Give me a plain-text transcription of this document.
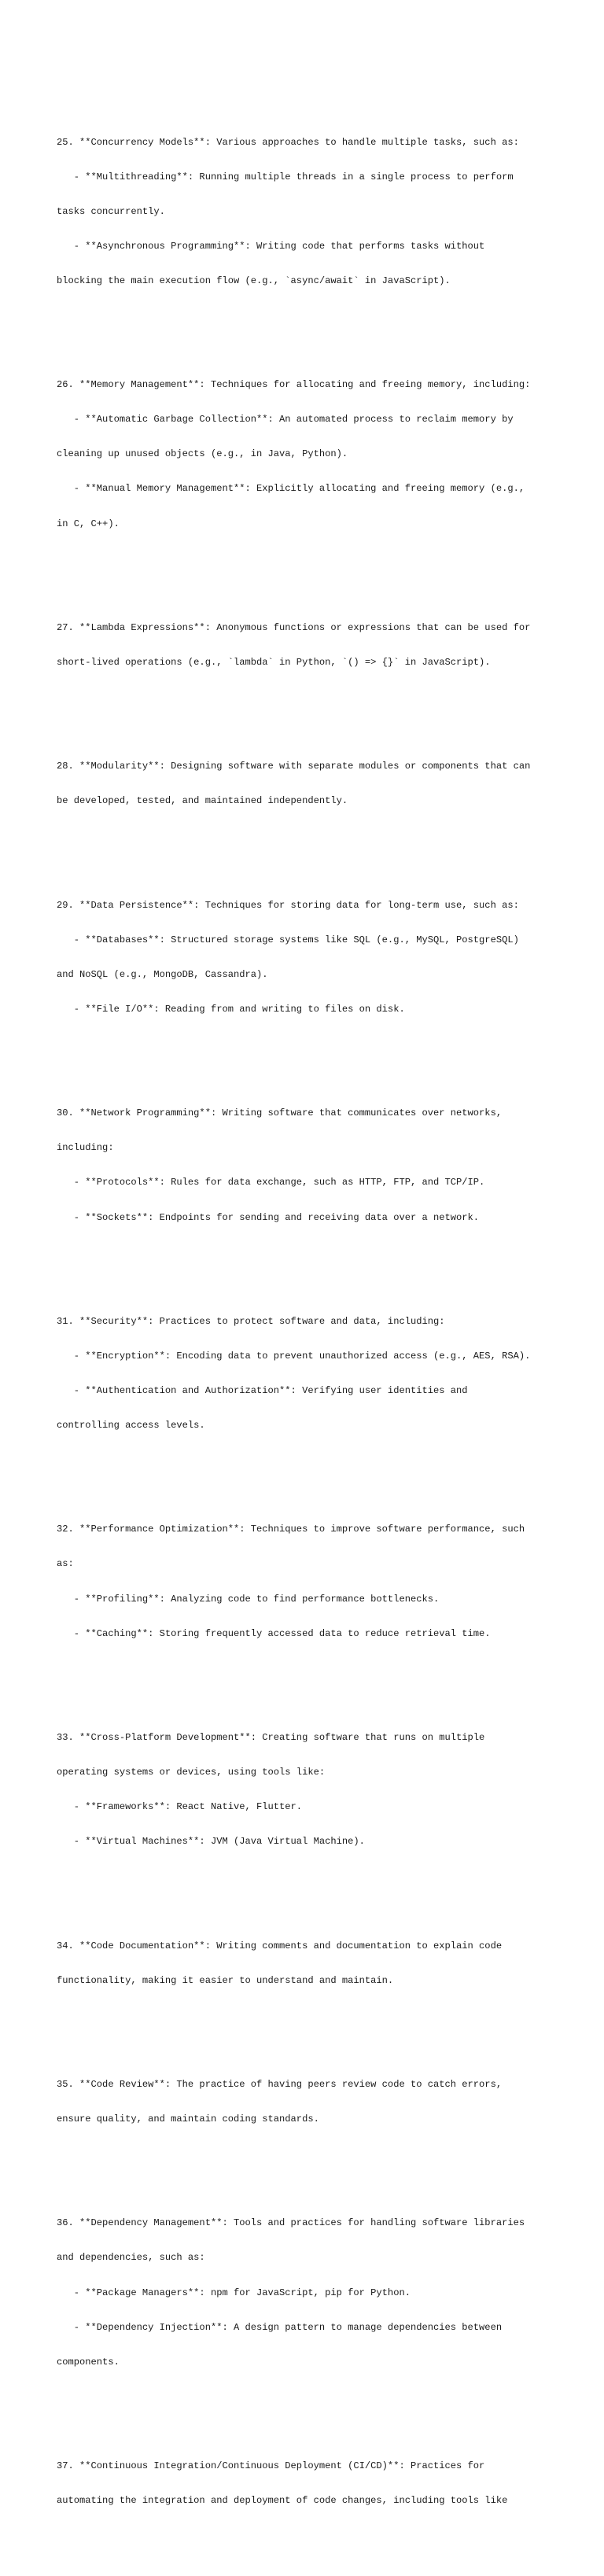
25. **Concurrency Models**: Various approaches to handle multiple tasks, such as:

- **Multithreading**: Running multiple threads in a single process to perform

tasks concurrently.

- **Asynchronous Programming**: Writing code that performs tasks without

blocking the main execution flow (e.g., `async/await` in JavaScript).

26. **Memory Management**: Techniques for allocating and freeing memory, including:

- **Automatic Garbage Collection**: An automated process to reclaim memory by

cleaning up unused objects (e.g., in Java, Python).

- **Manual Memory Management**: Explicitly allocating and freeing memory (e.g.,

in C, C++).

27. **Lambda Expressions**: Anonymous functions or expressions that can be used for

short-lived operations (e.g., `lambda` in Python, `() => {}` in JavaScript).

28. **Modularity**: Designing software with separate modules or components that can

be developed, tested, and maintained independently.

29. **Data Persistence**: Techniques for storing data for long-term use, such as:

- **Databases**: Structured storage systems like SQL (e.g., MySQL, PostgreSQL)

and NoSQL (e.g., MongoDB, Cassandra).

- **File I/O**: Reading from and writing to files on disk.

30. **Network Programming**: Writing software that communicates over networks,

including:

- **Protocols**: Rules for data exchange, such as HTTP, FTP, and TCP/IP.

- **Sockets**: Endpoints for sending and receiving data over a network.

31. **Security**: Practices to protect software and data, including:

- **Encryption**: Encoding data to prevent unauthorized access (e.g., AES, RSA).

- **Authentication and Authorization**: Verifying user identities and

controlling access levels.

32. **Performance Optimization**: Techniques to improve software performance, such

as:

- **Profiling**: Analyzing code to find performance bottlenecks.

- **Caching**: Storing frequently accessed data to reduce retrieval time.

33. **Cross-Platform Development**: Creating software that runs on multiple

operating systems or devices, using tools like:

- **Frameworks**: React Native, Flutter.

- **Virtual Machines**: JVM (Java Virtual Machine).

34. **Code Documentation**: Writing comments and documentation to explain code

functionality, making it easier to understand and maintain.

35. **Code Review**: The practice of having peers review code to catch errors,

ensure quality, and maintain coding standards.

36. **Dependency Management**: Tools and practices for handling software libraries

and dependencies, such as:

- **Package Managers**: npm for JavaScript, pip for Python.

- **Dependency Injection**: A design pattern to manage dependencies between

components.

37. **Continuous Integration/Continuous Deployment (CI/CD)**: Practices for

automating the integration and deployment of code changes, including tools like
